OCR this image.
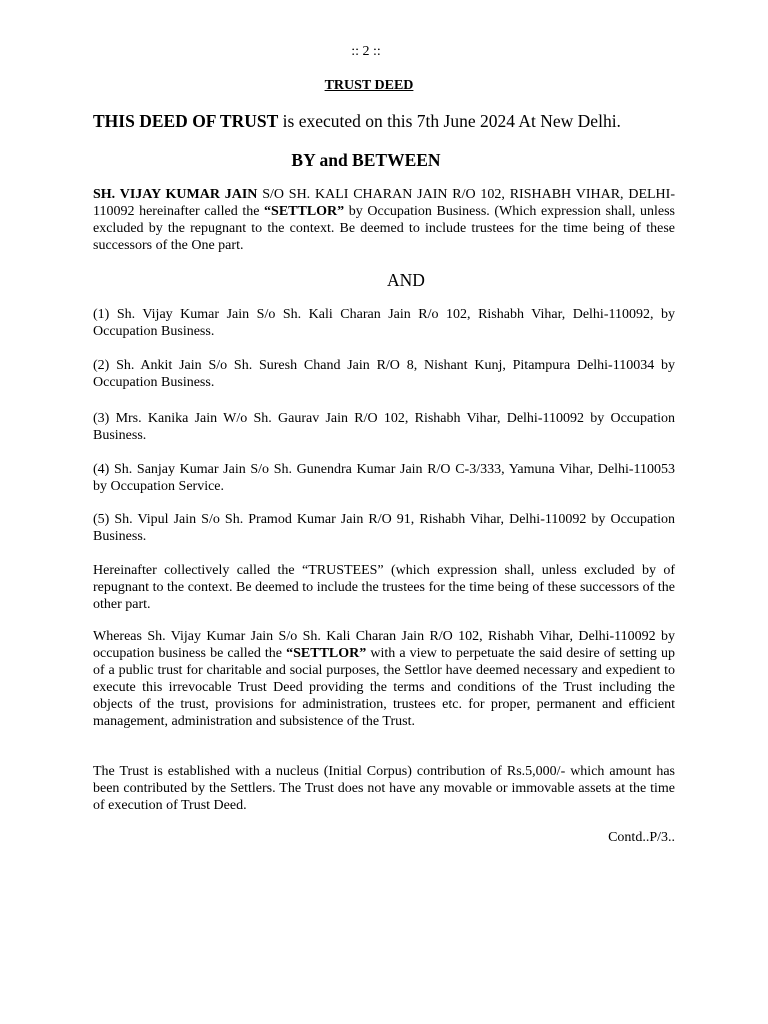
:: 2 ::
TRUST DEED
THIS DEED OF TRUST is executed on this 7th June 2024 At New Delhi.
BY and BETWEEN
SH. VIJAY KUMAR JAIN S/O SH. KALI CHARAN JAIN R/O 102, RISHABH VIHAR, DELHI-110092 hereinafter called the “SETTLOR” by Occupation Business. (Which expression shall, unless excluded by the repugnant to the context. Be deemed to include trustees for the time being of these successors of the One part.
AND
(1) Sh. Vijay Kumar Jain S/o Sh. Kali Charan Jain R/o 102, Rishabh Vihar, Delhi-110092, by Occupation Business.
(2) Sh. Ankit Jain S/o Sh. Suresh Chand Jain R/O 8, Nishant Kunj, Pitampura Delhi-110034 by Occupation Business.
(3) Mrs. Kanika Jain W/o Sh. Gaurav Jain R/O 102, Rishabh Vihar, Delhi-110092 by Occupation Business.
(4) Sh. Sanjay Kumar Jain S/o Sh. Gunendra Kumar Jain R/O C-3/333, Yamuna Vihar, Delhi-110053 by Occupation Service.
(5) Sh. Vipul Jain S/o Sh. Pramod Kumar Jain R/O 91, Rishabh Vihar, Delhi-110092 by Occupation Business.
Hereinafter collectively called the “TRUSTEES” (which expression shall, unless excluded by of repugnant to the context. Be deemed to include the trustees for the time being of these successors of the other part.
Whereas Sh. Vijay Kumar Jain S/o Sh. Kali Charan Jain R/O 102, Rishabh Vihar, Delhi-110092 by occupation business be called the “SETTLOR” with a view to perpetuate the said desire of setting up of a public trust for charitable and social purposes, the Settlor have deemed necessary and expedient to execute this irrevocable Trust Deed providing the terms and conditions of the Trust including the objects of the trust, provisions for administration, trustees etc. for proper, permanent and efficient management, administration and subsistence of the Trust.
The Trust is established with a nucleus (Initial Corpus) contribution of Rs.5,000/- which amount has been contributed by the Settlers. The Trust does not have any movable or immovable assets at the time of execution of Trust Deed.
Contd..P/3..
